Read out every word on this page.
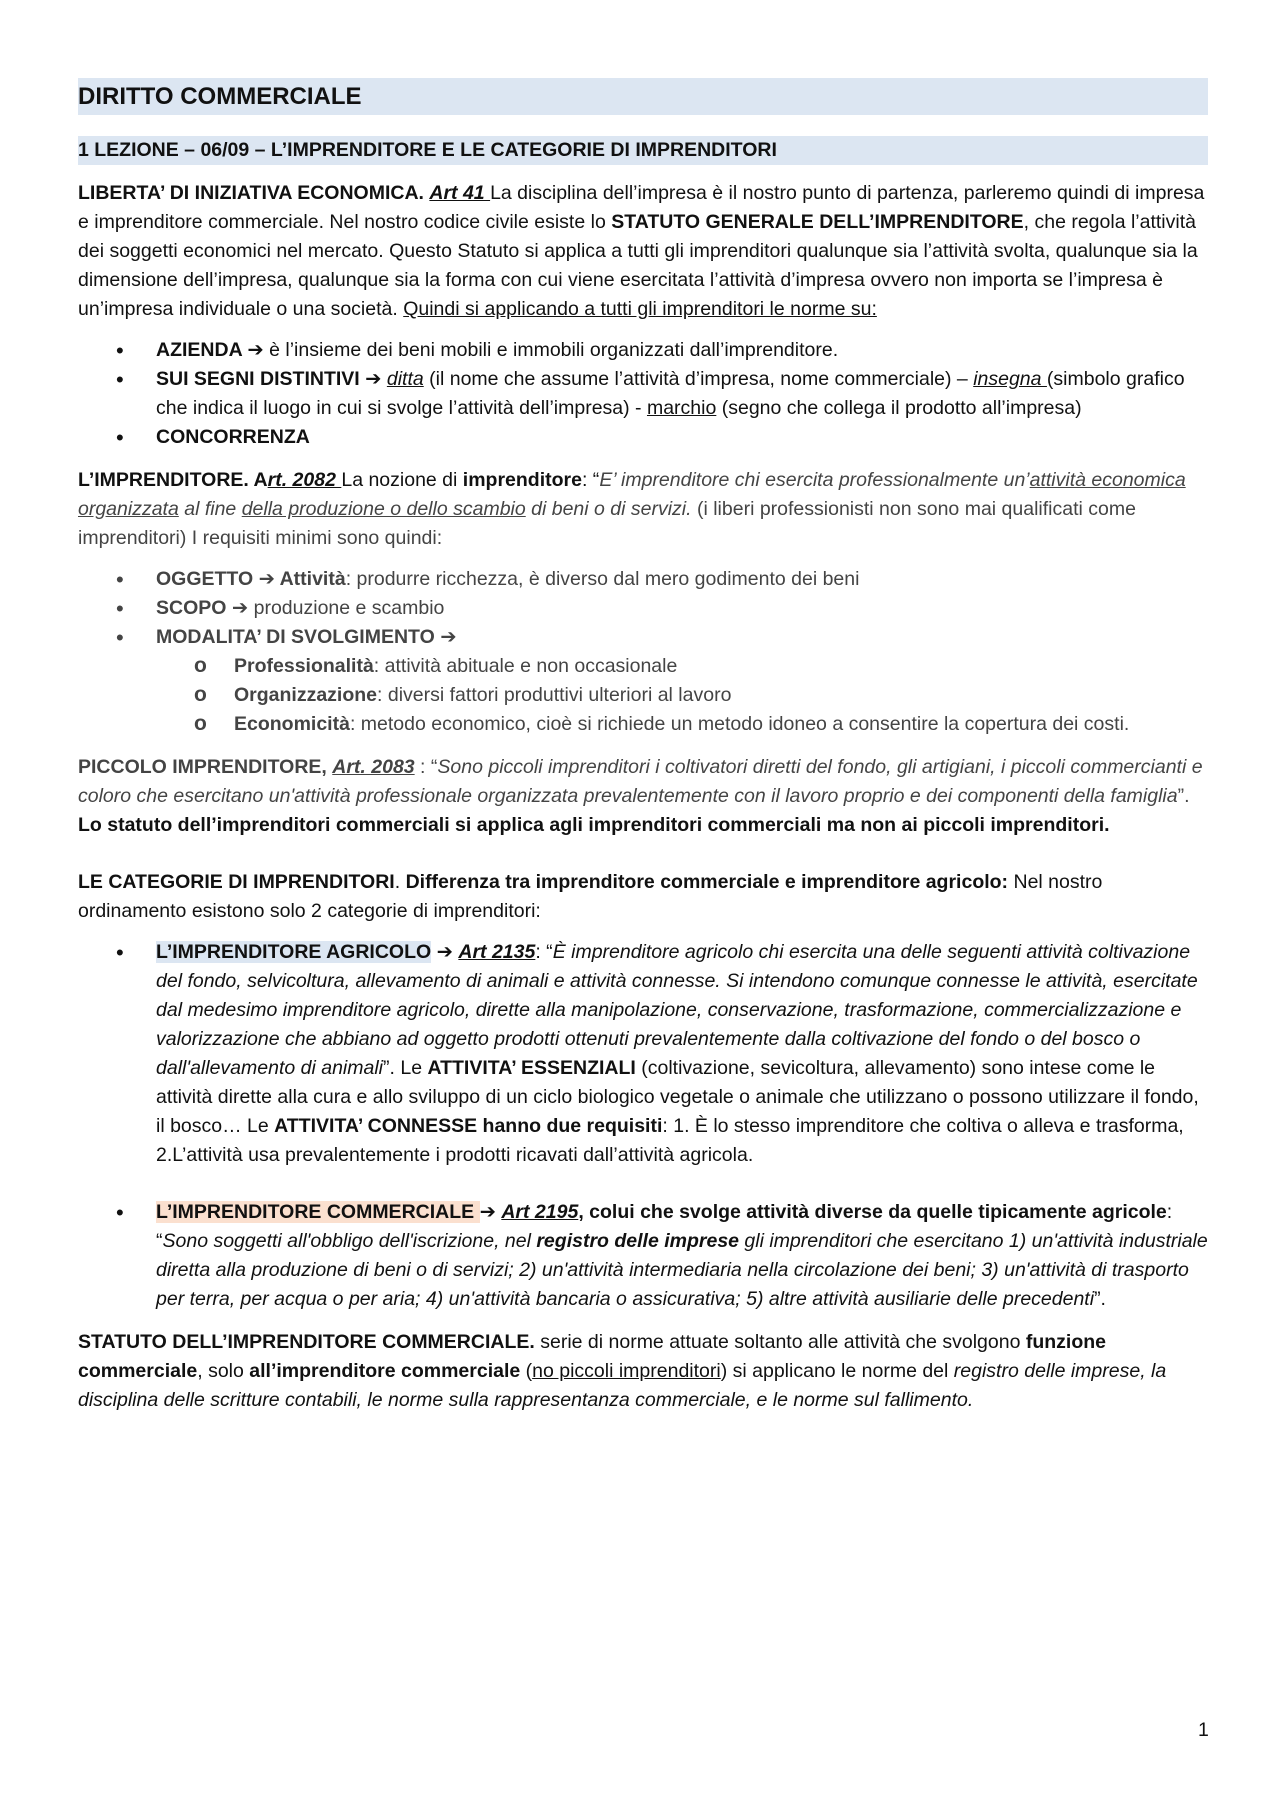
DIRITTO COMMERCIALE
1 LEZIONE – 06/09 – L’IMPRENDITORE E LE CATEGORIE DI IMPRENDITORI

LIBERTA’ DI INIZIATIVA ECONOMICA. Art 41 La disciplina dell’impresa è il nostro punto di partenza, parleremo quindi di impresa e imprenditore commerciale. Nel nostro codice civile esiste lo STATUTO GENERALE DELL’IMPRENDITORE, che regola l’attività dei soggetti economici nel mercato. Questo Statuto si applica a tutti gli imprenditori qualunque sia l’attività svolta, qualunque sia la dimensione dell’impresa, qualunque sia la forma con cui viene esercitata l’attività d’impresa ovvero non importa se l’impresa è un’impresa individuale o una società. Quindi si applicando a tutti gli imprenditori le norme su:

• AZIENDA ➔ è l’insieme dei beni mobili e immobili organizzati dall’imprenditore.
• SUI SEGNI DISTINTIVI ➔ ditta (il nome che assume l’attività d’impresa, nome commerciale) – insegna (simbolo grafico che indica il luogo in cui si svolge l’attività dell’impresa) - marchio (segno che collega il prodotto all’impresa)
• CONCORRENZA

L’IMPRENDITORE. Art. 2082 La nozione di imprenditore: “E’ imprenditore chi esercita professionalmente un’attività economica organizzata al fine della produzione o dello scambio di beni o di servizi. (i liberi professionisti non sono mai qualificati come imprenditori) I requisiti minimi sono quindi:

• OGGETTO ➔ Attività: produrre ricchezza, è diverso dal mero godimento dei beni
• SCOPO ➔ produzione e scambio
• MODALITA’ DI SVOLGIMENTO ➔
o Professionalità: attività abituale e non occasionale
o Organizzazione: diversi fattori produttivi ulteriori al lavoro
o Economicità: metodo economico, cioè si richiede un metodo idoneo a consentire la copertura dei costi.

PICCOLO IMPRENDITORE, Art. 2083 : “Sono piccoli imprenditori i coltivatori diretti del fondo, gli artigiani, i piccoli commercianti e coloro che esercitano un'attività professionale organizzata prevalentemente con il lavoro proprio e dei componenti della famiglia”. Lo statuto dell’imprenditori commerciali si applica agli imprenditori commerciali ma non ai piccoli imprenditori.

LE CATEGORIE DI IMPRENDITORI. Differenza tra imprenditore commerciale e imprenditore agricolo: Nel nostro ordinamento esistono solo 2 categorie di imprenditori:

• L’IMPRENDITORE AGRICOLO ➔ Art 2135: “È imprenditore agricolo chi esercita una delle seguenti attività coltivazione del fondo, selvicoltura, allevamento di animali e attività connesse. Si intendono comunque connesse le attività, esercitate dal medesimo imprenditore agricolo, dirette alla manipolazione, conservazione, trasformazione, commercializzazione e valorizzazione che abbiano ad oggetto prodotti ottenuti prevalentemente dalla coltivazione del fondo o del bosco o dall'allevamento di animali”. Le ATTIVITA’ ESSENZIALI (coltivazione, sevicoltura, allevamento) sono intese come le attività dirette alla cura e allo sviluppo di un ciclo biologico vegetale o animale che utilizzano o possono utilizzare il fondo, il bosco… Le ATTIVITA’ CONNESSE hanno due requisiti: 1. È lo stesso imprenditore che coltiva o alleva e trasforma, 2.L’attività usa prevalentemente i prodotti ricavati dall’attività agricola.
• L’IMPRENDITORE COMMERCIALE ➔ Art 2195, colui che svolge attività diverse da quelle tipicamente agricole: “Sono soggetti all'obbligo dell'iscrizione, nel registro delle imprese gli imprenditori che esercitano 1) un'attività industriale diretta alla produzione di beni o di servizi; 2) un'attività intermediaria nella circolazione dei beni; 3) un'attività di trasporto per terra, per acqua o per aria; 4) un'attività bancaria o assicurativa; 5) altre attività ausiliarie delle precedenti”.

STATUTO DELL’IMPRENDITORE COMMERCIALE. serie di norme attuate soltanto alle attività che svolgono funzione commerciale, solo all’imprenditore commerciale (no piccoli imprenditori) si applicano le norme del registro delle imprese, la disciplina delle scritture contabili, le norme sulla rappresentanza commerciale, e le norme sul fallimento.

1
